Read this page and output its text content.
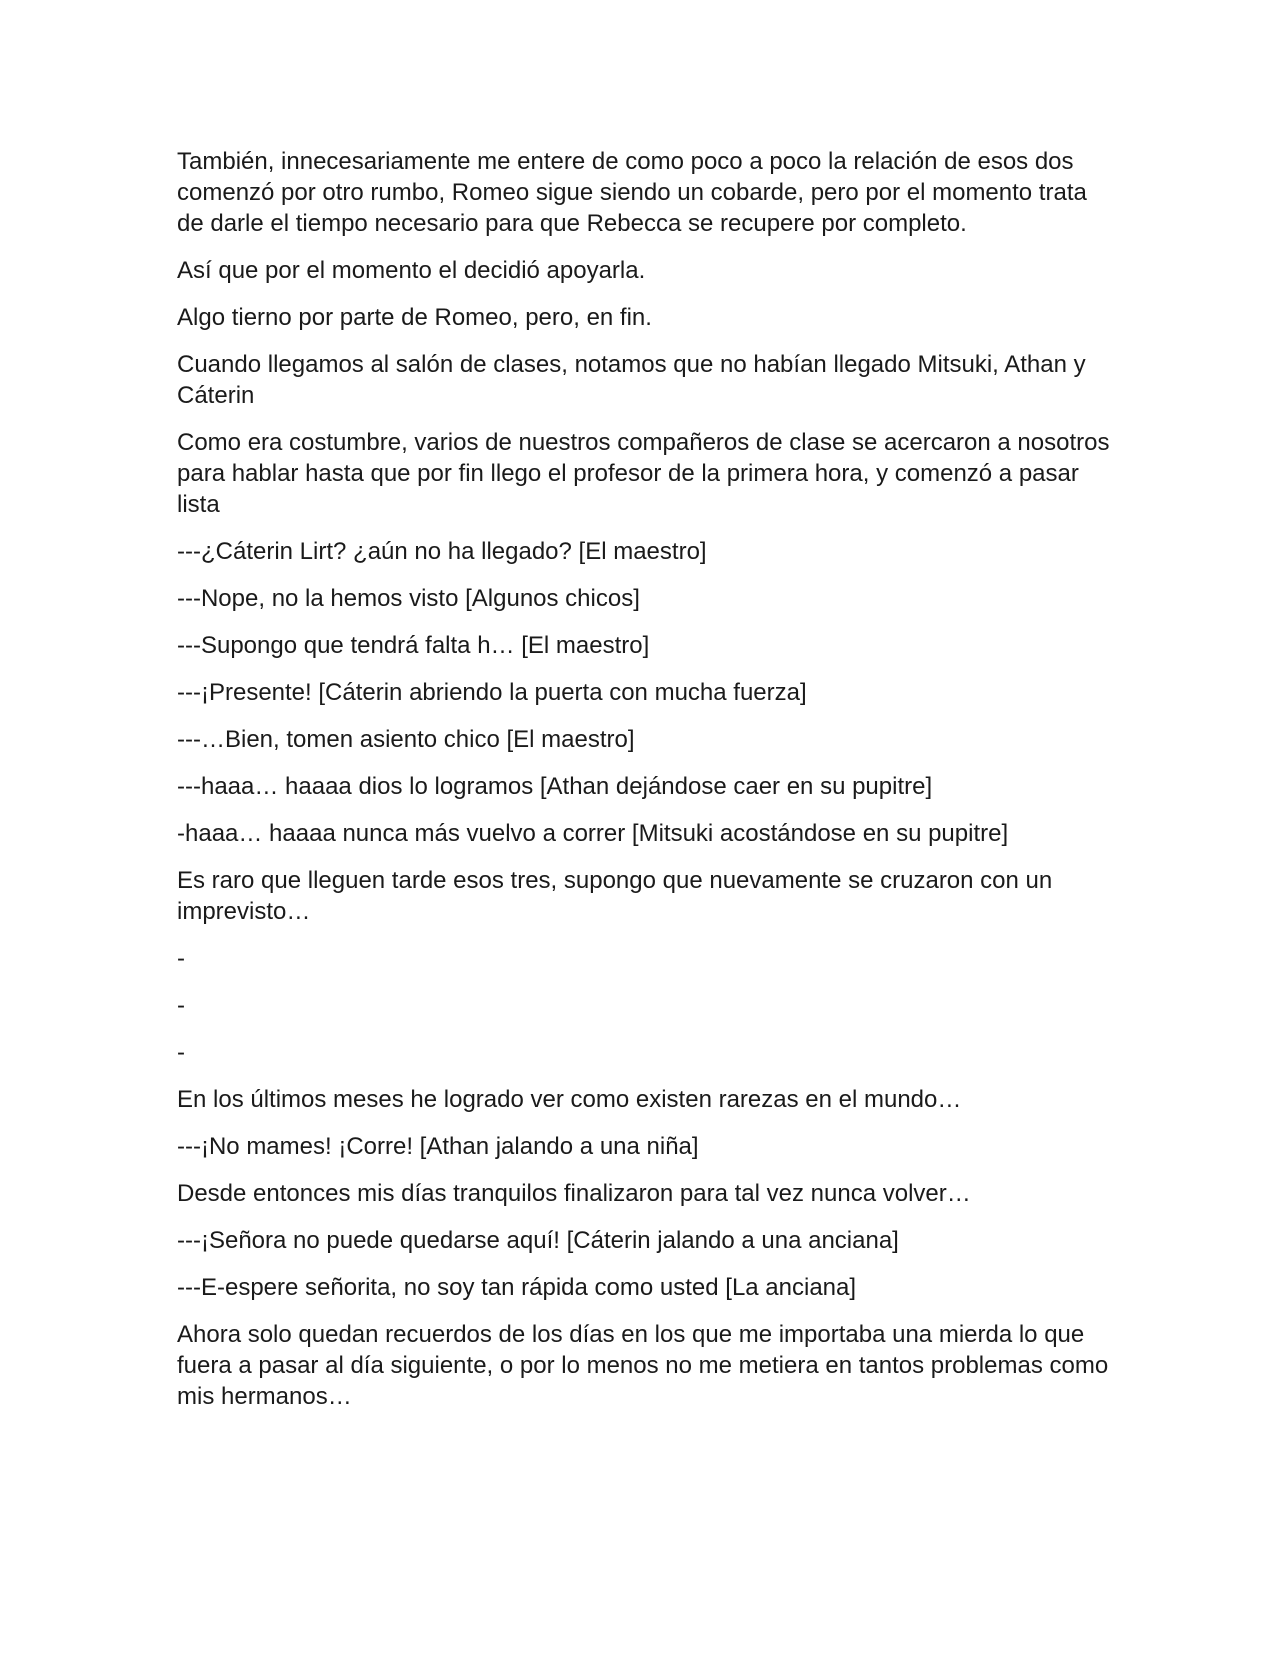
También, innecesariamente me entere de como poco a poco la relación de esos dos comenzó por otro rumbo, Romeo sigue siendo un cobarde, pero por el momento trata de darle el tiempo necesario para que Rebecca se recupere por completo.

Así que por el momento el decidió apoyarla.

Algo tierno por parte de Romeo, pero, en fin.

Cuando llegamos al salón de clases, notamos que no habían llegado Mitsuki, Athan y Cáterin

Como era costumbre, varios de nuestros compañeros de clase se acercaron a nosotros para hablar hasta que por fin llego el profesor de la primera hora, y comenzó a pasar lista

---¿Cáterin Lirt? ¿aún no ha llegado? [El maestro]

---Nope, no la hemos visto [Algunos chicos]

---Supongo que tendrá falta h… [El maestro]

---¡Presente! [Cáterin abriendo la puerta con mucha fuerza]

---…Bien, tomen asiento chico [El maestro]

---haaa… haaaa dios lo logramos [Athan dejándose caer en su pupitre]

-haaa… haaaa nunca más vuelvo a correr [Mitsuki acostándose en su pupitre]

Es raro que lleguen tarde esos tres, supongo que nuevamente se cruzaron con un imprevisto…

-

-

-

En los últimos meses he logrado ver como existen rarezas en el mundo…

---¡No mames! ¡Corre! [Athan jalando a una niña]

Desde entonces mis días tranquilos finalizaron para tal vez nunca volver…

---¡Señora no puede quedarse aquí! [Cáterin jalando a una anciana]

---E-espere señorita, no soy tan rápida como usted [La anciana]

Ahora solo quedan recuerdos de los días en los que me importaba una mierda lo que fuera a pasar al día siguiente, o por lo menos no me metiera en tantos problemas como mis hermanos…
